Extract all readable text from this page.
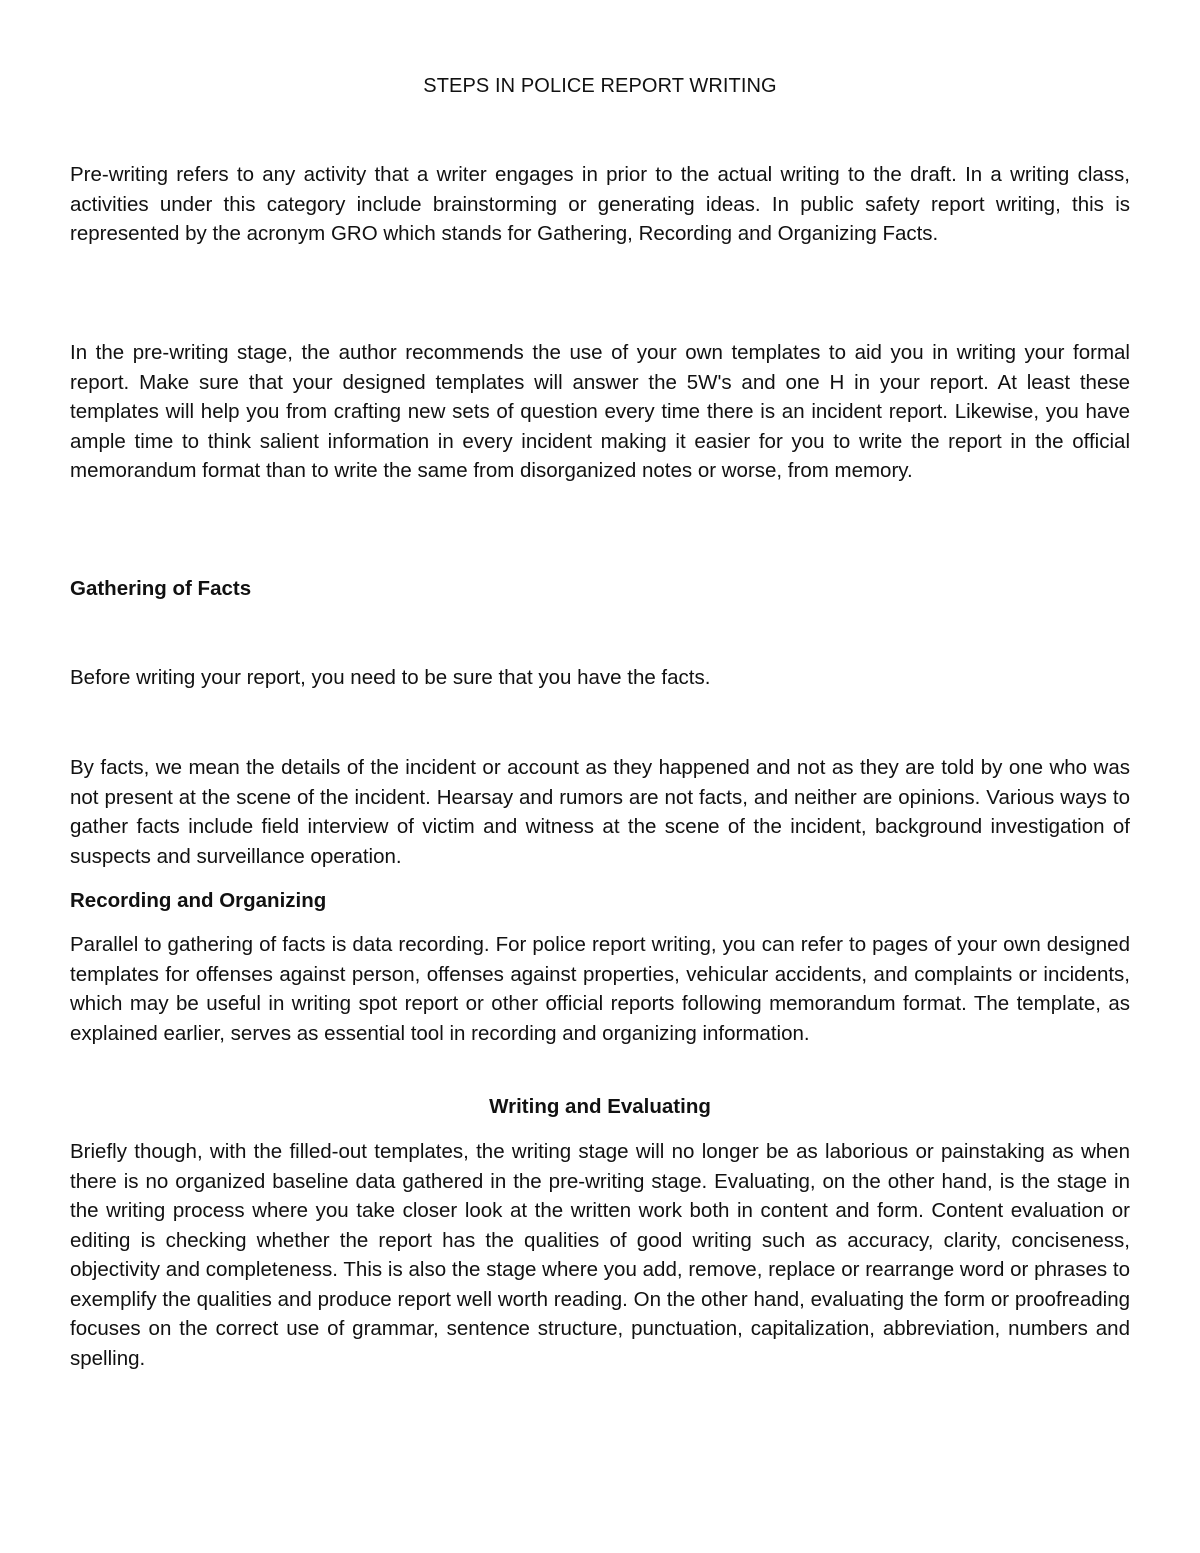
STEPS IN POLICE REPORT WRITING

Pre-writing refers to any activity that a writer engages in prior to the actual writing to the draft. In a writing class, activities under this category include brainstorming or generating ideas. In public safety report writing, this is represented by the acronym GRO which stands for Gathering, Recording and Organizing Facts.

In the pre-writing stage, the author recommends the use of your own templates to aid you in writing your formal report. Make sure that your designed templates will answer the 5W's and one H in your report. At least these templates will help you from crafting new sets of question every time there is an incident report. Likewise, you have ample time to think salient information in every incident making it easier for you to write the report in the official memorandum format than to write the same from disorganized notes or worse, from memory.

Gathering of Facts

Before writing your report, you need to be sure that you have the facts.

By facts, we mean the details of the incident or account as they happened and not as they are told by one who was not present at the scene of the incident. Hearsay and rumors are not facts, and neither are opinions. Various ways to gather facts include field interview of victim and witness at the scene of the incident, background investigation of suspects and surveillance operation.

Recording and Organizing

Parallel to gathering of facts is data recording. For police report writing, you can refer to pages of your own designed templates for offenses against person, offenses against properties, vehicular accidents, and complaints or incidents, which may be useful in writing spot report or other official reports following memorandum format. The template, as explained earlier, serves as essential tool in recording and organizing information.

Writing and Evaluating

Briefly though, with the filled-out templates, the writing stage will no longer be as laborious or painstaking as when there is no organized baseline data gathered in the pre-writing stage. Evaluating, on the other hand, is the stage in the writing process where you take closer look at the written work both in content and form. Content evaluation or editing is checking whether the report has the qualities of good writing such as accuracy, clarity, conciseness, objectivity and completeness. This is also the stage where you add, remove, replace or rearrange word or phrases to exemplify the qualities and produce report well worth reading. On the other hand, evaluating the form or proofreading focuses on the correct use of grammar, sentence structure, punctuation, capitalization, abbreviation, numbers and spelling.
